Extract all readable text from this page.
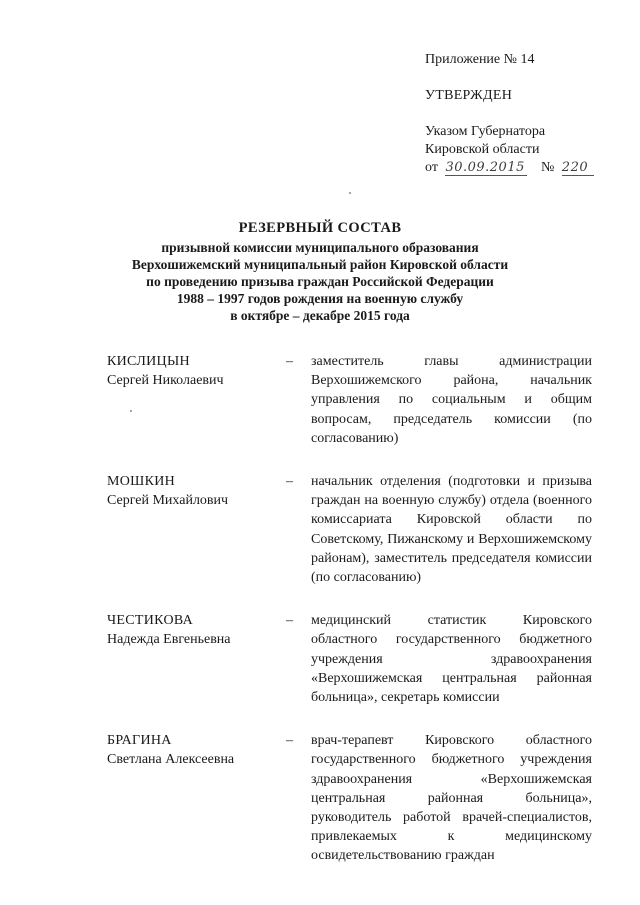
Приложение № 14
УТВЕРЖДЕН
Указом Губернатора
Кировской области
от 30.09.2015 № 220
РЕЗЕРВНЫЙ СОСТАВ
призывной комиссии муниципального образования
Верхошижемский муниципальный район Кировской области
по проведению призыва граждан Российской Федерации
1988 – 1997 годов рождения на военную службу
в октябре – декабре 2015 года
КИСЛИЦЫН
Сергей Николаевич
–	заместитель главы администрации Верхошижемского района, начальник управления по социальным и общим вопросам, председатель комиссии (по согласованию)
МОШКИН
Сергей Михайлович
–	начальник отделения (подготовки и призыва граждан на военную службу) отдела (военного комиссариата Кировской области по Советскому, Пижанскому и Верхошижемскому районам), заместитель председателя комиссии (по согласованию)
ЧЕСТИКОВА
Надежда Евгеньевна
–	медицинский статистик Кировского областного государственного бюджетного учреждения здравоохранения «Верхошижемская центральная районная больница», секретарь комиссии
БРАГИНА
Светлана Алексеевна
–	врач-терапевт Кировского областного государственного бюджетного учреждения здравоохранения «Верхошижемская центральная районная больница», руководитель работой врачей-специалистов, привлекаемых к медицинскому освидетельствованию граждан
